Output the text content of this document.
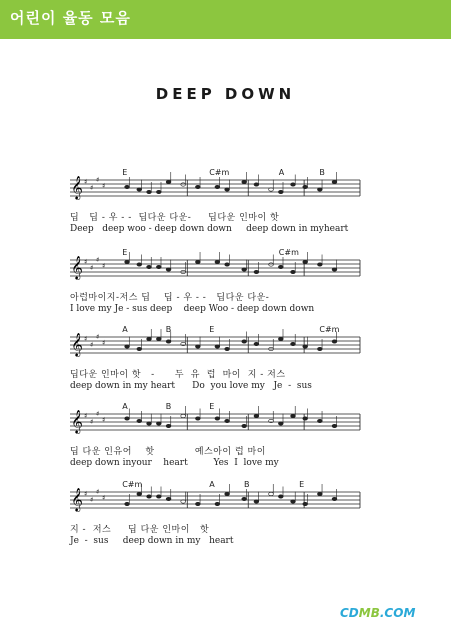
어린이 율동 모음
DEEP DOWN
E	C#m	A	B
𝄞 ♯
♯
♯
♯

딥   딥 - 우 - -  딥다운 다운-     딥다운 인마이 핫

Deep   deep woo - deep down down     deep down in myheart

E	C#m
𝄞 ♯
♯
♯
♯

아럽마이지-저스 딥    딥 - 우 - -   딥다운 다운-

I love my Je - sus deep    deep Woo - deep down down

A	B	E	C#m
𝄞 ♯
♯
♯
♯

딥다운 인마이 핫   -      두  유  럽  마이  지 - 저스

deep down in my heart      Do  you love my   Je  -  sus

A	B	E
𝄞 ♯
♯
♯
♯

딥 다운 인유어    핫            예스아이 럽 마이

deep down inyour    heart         Yes  I  love my

C#m	A	B	E
𝄞 ♯
♯
♯
♯

지 -  저스     딥 다운 인마이   핫

Je  -  sus     deep down in my   heart

CDMB.COM
